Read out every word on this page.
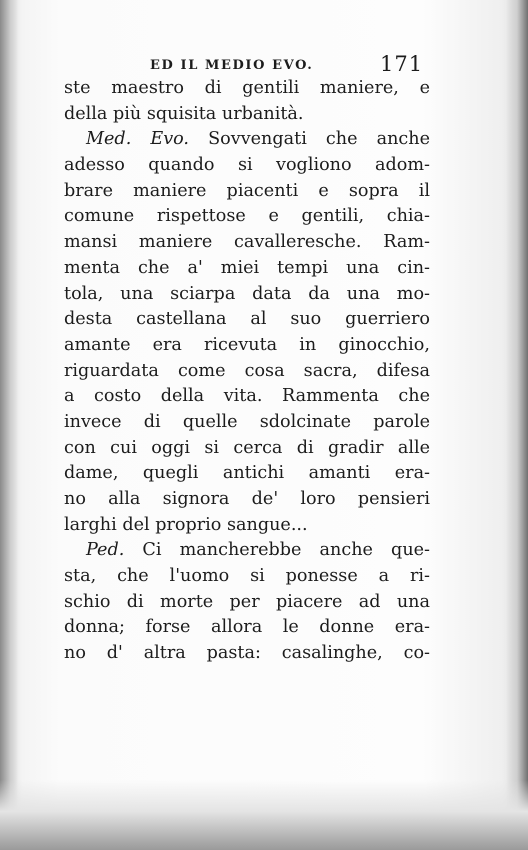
ED IL MEDIO EVO.	171
ste maestro di gentili maniere, e
della più squisita urbanità.
Med. Evo. Sovvengati che anche
adesso quando si vogliono adom-
brare maniere piacenti e sopra il
comune rispettose e gentili, chia-
mansi maniere cavalleresche. Ram-
menta che a' miei tempi una cin-
tola, una sciarpa data da una mo-
desta castellana al suo guerriero
amante era ricevuta in ginocchio,
riguardata come cosa sacra, difesa
a costo della vita. Rammenta che
invece di quelle sdolcinate parole
con cui oggi si cerca di gradir alle
dame, quegli antichi amanti era-
no alla signora de' loro pensieri
larghi del proprio sangue...
Ped. Ci mancherebbe anche que-
sta, che l'uomo si ponesse a ri-
schio di morte per piacere ad una
donna; forse allora le donne era-
no d' altra pasta: casalinghe, co-
